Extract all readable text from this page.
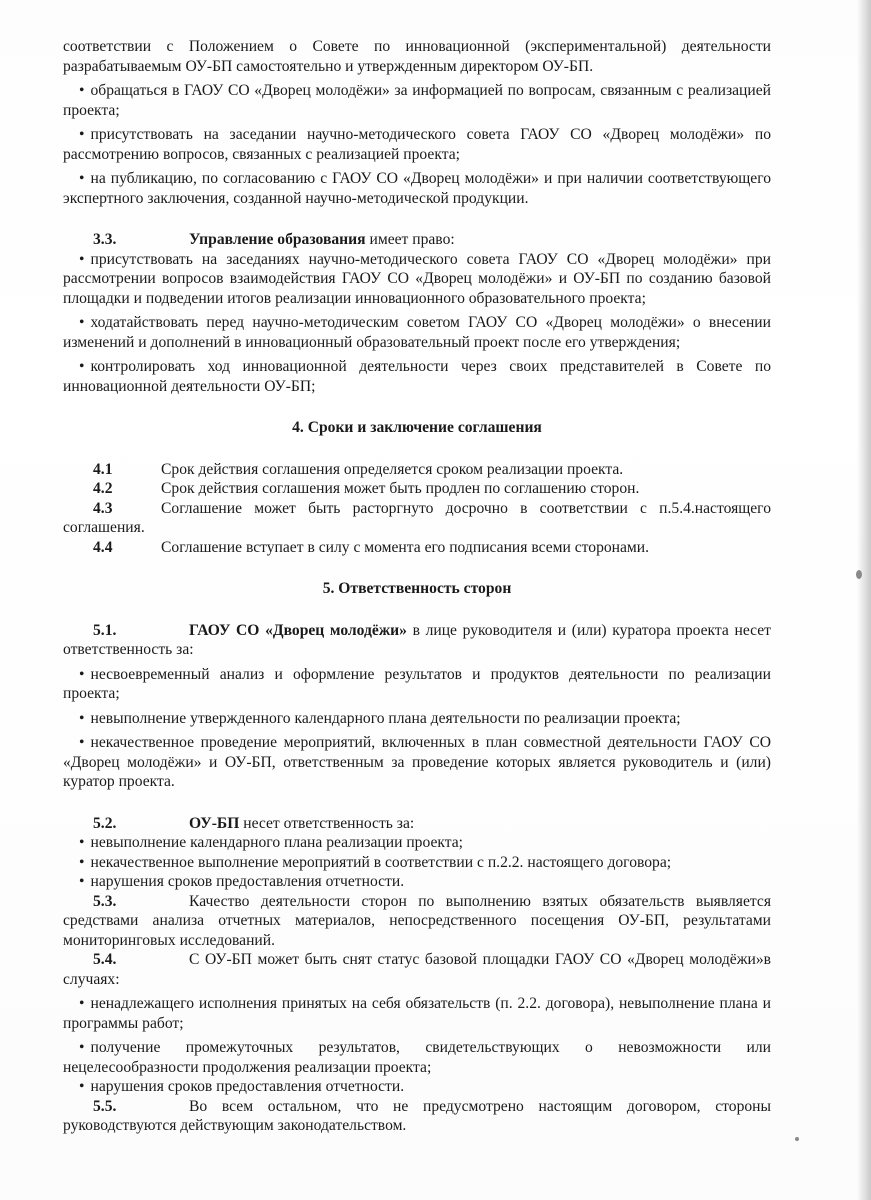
соответствии с Положением о Совете по инновационной (экспериментальной) деятельности разрабатываемым ОУ-БП самостоятельно и утвержденным директором ОУ-БП.

• обращаться в ГАОУ СО «Дворец молодёжи» за информацией по вопросам, связанным с реализацией проекта;

• присутствовать на заседании научно-методического совета ГАОУ СО «Дворец молодёжи» по рассмотрению вопросов, связанных с реализацией проекта;

• на публикацию, по согласованию с ГАОУ СО «Дворец молодёжи» и при наличии соответствующего экспертного заключения, созданной научно-методической продукции.

3.3.	Управление образования имеет право:

• присутствовать на заседаниях научно-методического совета ГАОУ СО «Дворец молодёжи» при рассмотрении вопросов взаимодействия ГАОУ СО «Дворец молодёжи» и ОУ-БП по созданию базовой площадки и подведении итогов реализации инновационного образовательного проекта;

• ходатайствовать перед научно-методическим советом ГАОУ СО «Дворец молодёжи» о внесении изменений и дополнений в инновационный образовательный проект после его утверждения;

• контролировать ход инновационной деятельности через своих представителей в Совете по инновационной деятельности ОУ-БП;

4. Сроки и заключение соглашения

4.1	Срок действия соглашения определяется сроком реализации проекта.

4.2	Срок действия соглашения может быть продлен по соглашению сторон.

4.3	Соглашение может быть расторгнуто досрочно в соответствии с п.5.4.настоящего соглашения.

4.4	Соглашение вступает в силу с момента его подписания всеми сторонами.

5. Ответственность сторон

5.1.	ГАОУ СО «Дворец молодёжи» в лице руководителя и (или) куратора проекта несет ответственность за:

• несвоевременный анализ и оформление результатов и продуктов деятельности по реализации проекта;

• невыполнение утвержденного календарного плана деятельности по реализации проекта;

• некачественное проведение мероприятий, включенных в план совместной деятельности ГАОУ СО «Дворец молодёжи» и ОУ-БП, ответственным за проведение которых является руководитель и (или) куратор проекта.

5.2.	ОУ-БП несет ответственность за:

• невыполнение календарного плана реализации проекта;

• некачественное выполнение мероприятий в соответствии с п.2.2. настоящего договора;

• нарушения сроков предоставления отчетности.

5.3.	Качество деятельности сторон по выполнению взятых обязательств выявляется средствами анализа отчетных материалов, непосредственного посещения ОУ-БП, результатами мониторинговых исследований.

5.4.	С ОУ-БП может быть снят статус базовой площадки ГАОУ СО «Дворец молодёжи»в случаях:

• ненадлежащего исполнения принятых на себя обязательств (п. 2.2. договора), невыполнение плана и программы работ;

• получение промежуточных результатов, свидетельствующих о невозможности или нецелесообразности продолжения реализации проекта;

• нарушения сроков предоставления отчетности.

5.5.	Во всем остальном, что не предусмотрено настоящим договором, стороны руководствуются действующим законодательством.
